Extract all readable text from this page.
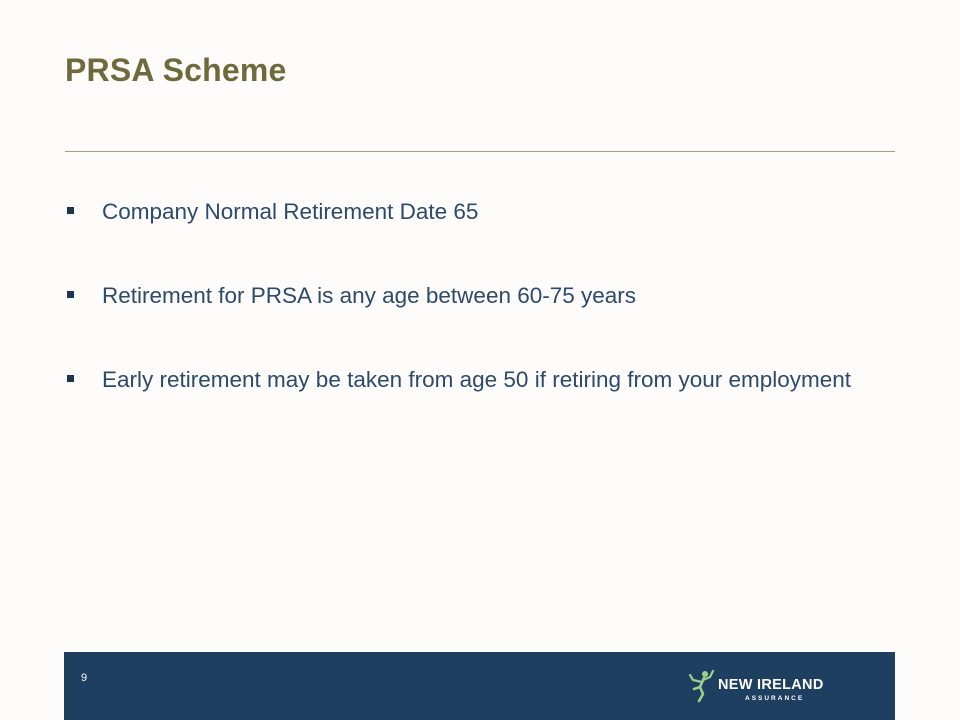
PRSA Scheme
Company Normal Retirement Date 65
Retirement for PRSA is any age between 60-75 years
Early retirement may be taken from age 50 if retiring from your employment
9	NEW IRELAND
ASSURANCE
